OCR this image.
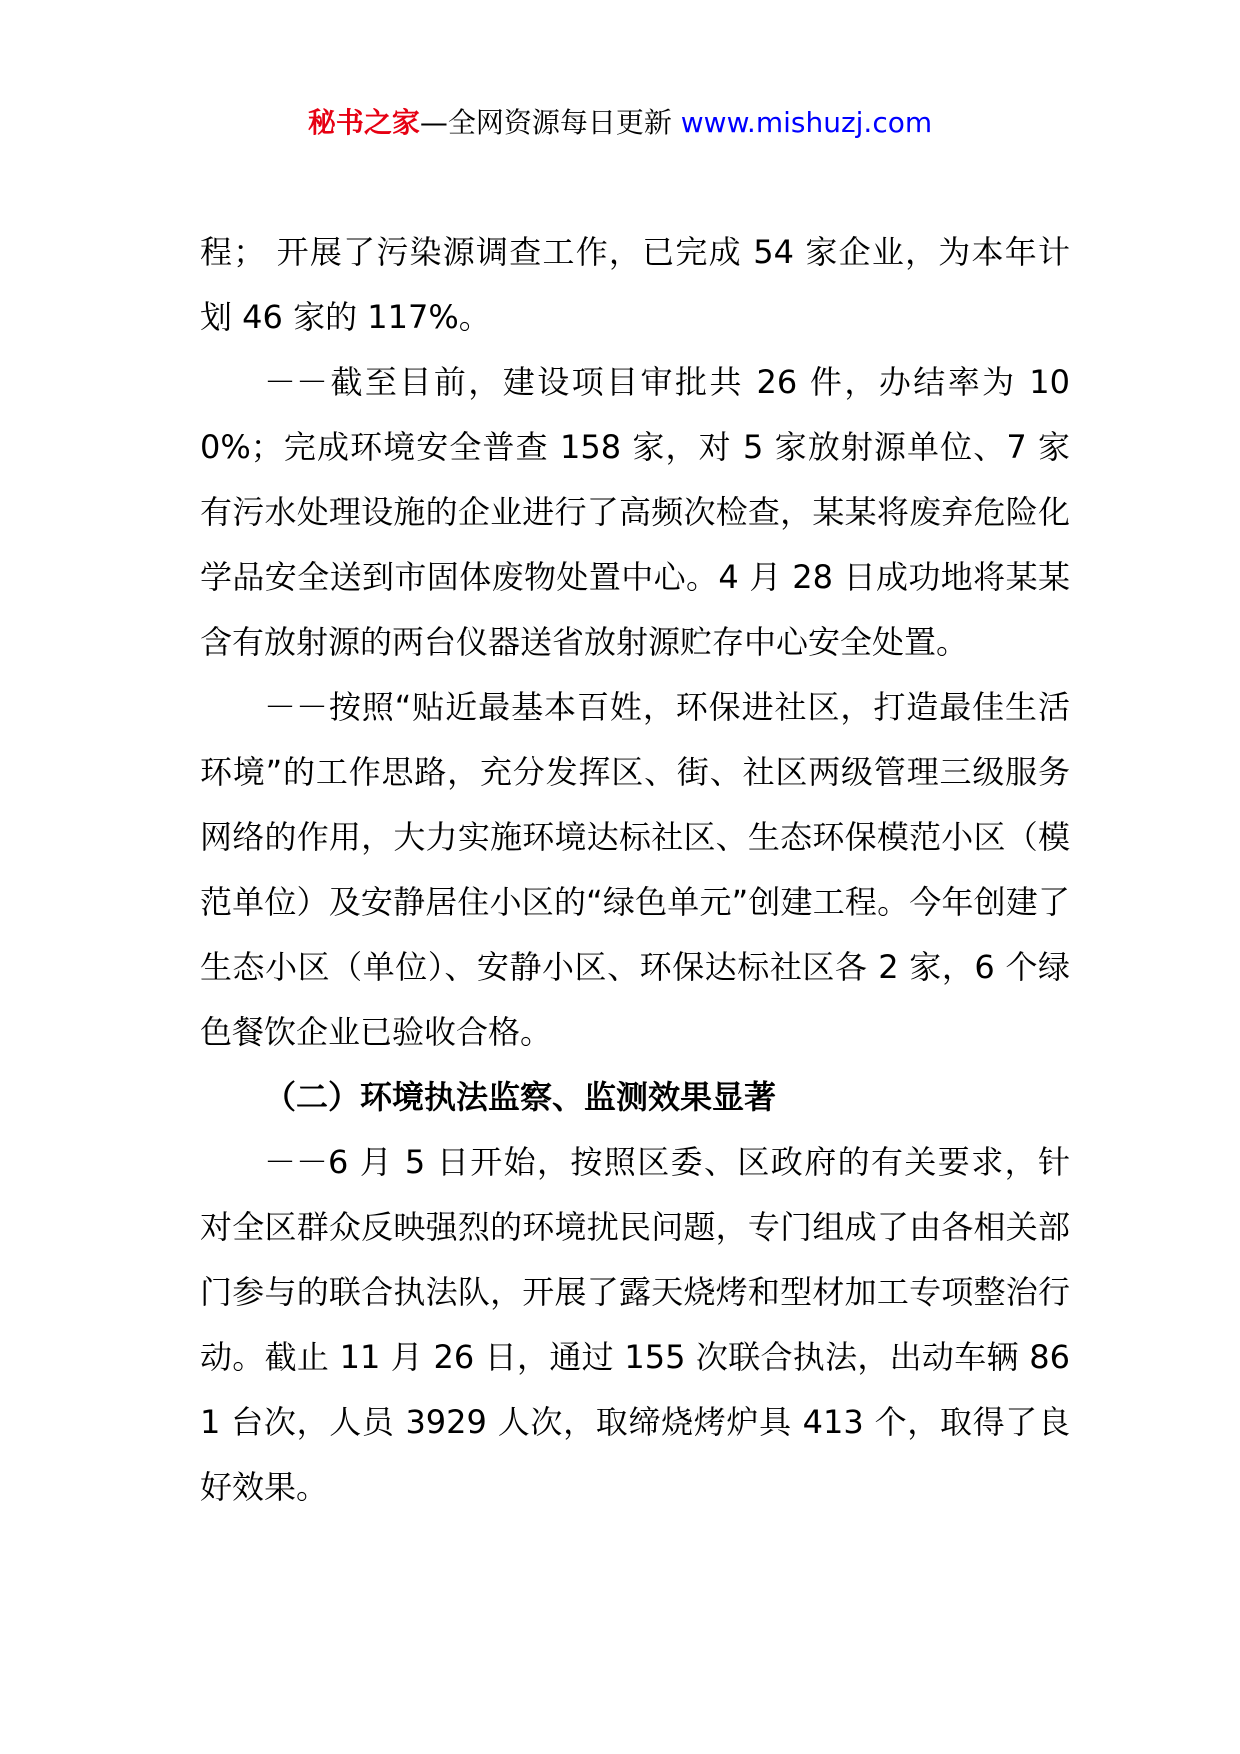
秘书之家—全网资源每日更新 www.mishuzj.com

程； 开展了污染源调查工作，已完成 54 家企业，为本年计划 46 家的 117%。

－－截至目前，建设项目审批共 26 件，办结率为 100%；完成环境安全普查 158 家，对 5 家放射源单位、7 家有污水处理设施的企业进行了高频次检查，某某将废弃危险化学品安全送到市固体废物处置中心。4 月 28 日成功地将某某含有放射源的两台仪器送省放射源贮存中心安全处置。

－－按照“贴近最基本百姓，环保进社区，打造最佳生活环境”的工作思路，充分发挥区、街、社区两级管理三级服务网络的作用，大力实施环境达标社区、生态环保模范小区（模范单位）及安静居住小区的“绿色单元”创建工程。今年创建了生态小区（单位）、安静小区、环保达标社区各 2 家，6 个绿色餐饮企业已验收合格。

（二）环境执法监察、监测效果显著

－－6 月 5 日开始，按照区委、区政府的有关要求，针对全区群众反映强烈的环境扰民问题，专门组成了由各相关部门参与的联合执法队，开展了露天烧烤和型材加工专项整治行动。截止 11 月 26 日，通过 155 次联合执法，出动车辆 861 台次，人员 3929 人次，取缔烧烤炉具 413 个，取得了良好效果。
